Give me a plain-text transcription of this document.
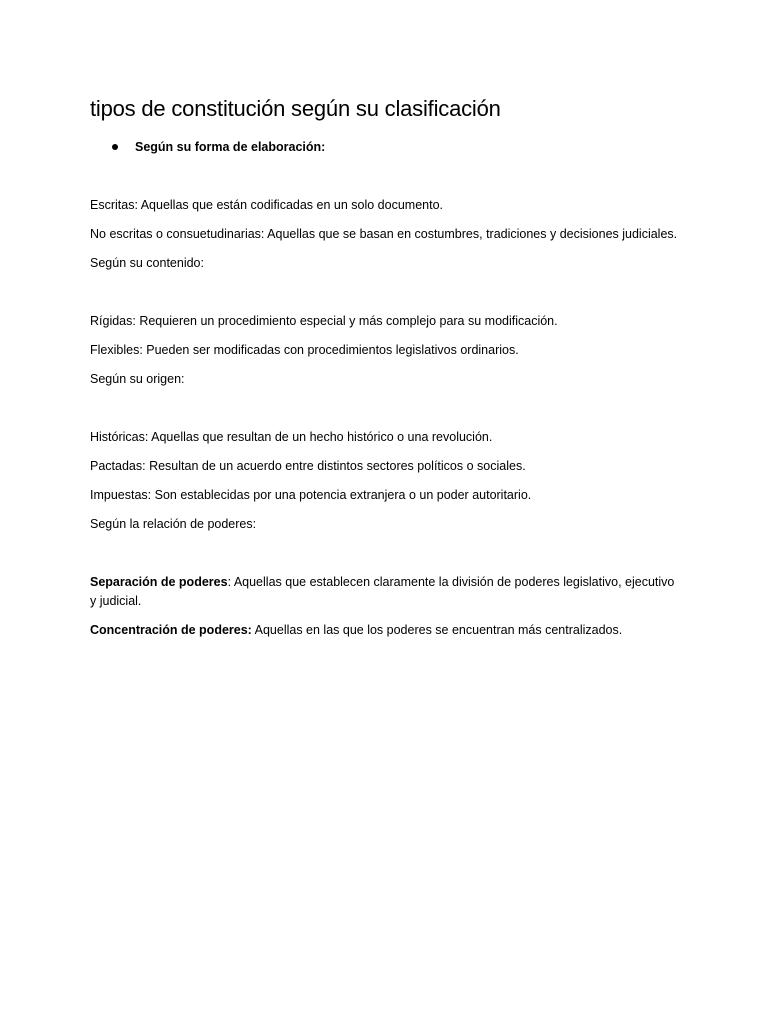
tipos de constitución según su clasificación
Según su forma de elaboración:

Escritas: Aquellas que están codificadas en un solo documento.

No escritas o consuetudinarias: Aquellas que se basan en costumbres, tradiciones y decisiones judiciales.

Según su contenido:

Rígidas: Requieren un procedimiento especial y más complejo para su modificación.

Flexibles: Pueden ser modificadas con procedimientos legislativos ordinarios.

Según su origen:

Históricas: Aquellas que resultan de un hecho histórico o una revolución.

Pactadas: Resultan de un acuerdo entre distintos sectores políticos o sociales.

Impuestas: Son establecidas por una potencia extranjera o un poder autoritario.

Según la relación de poderes:

Separación de poderes: Aquellas que establecen claramente la división de poderes legislativo, ejecutivo y judicial.

Concentración de poderes: Aquellas en las que los poderes se encuentran más centralizados.
